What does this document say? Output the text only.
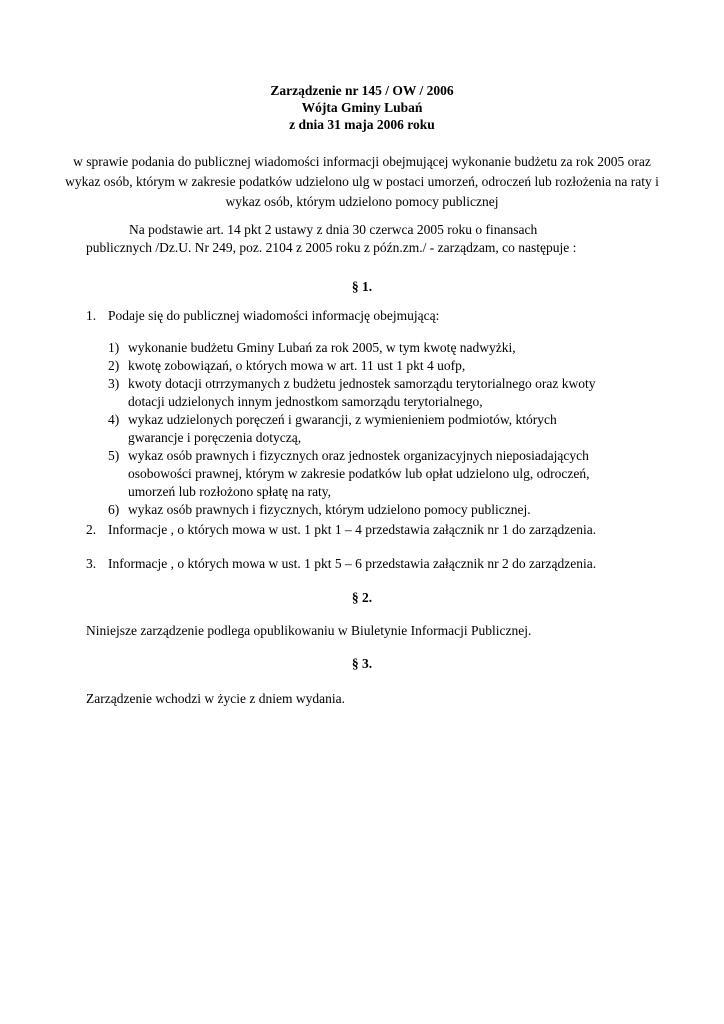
Zarządzenie nr 145 / OW / 2006
Wójta Gminy Lubań
z dnia 31 maja 2006 roku
w sprawie podania do publicznej wiadomości informacji obejmującej wykonanie budżetu za rok 2005 oraz wykaz osób, którym w zakresie podatków udzielono ulg w postaci umorzeń, odroczeń lub rozłożenia na raty i wykaz osób, którym udzielono pomocy publicznej
Na podstawie art. 14 pkt 2 ustawy z dnia 30 czerwca 2005 roku o finansach
publicznych /Dz.U. Nr 249, poz. 2104 z 2005 roku z późn.zm./ - zarządzam, co następuje :
§ 1.
1. Podaje się do publicznej wiadomości informację obejmującą:
1) wykonanie budżetu Gminy Lubań za rok 2005, w tym kwotę nadwyżki,
2) kwotę zobowiązań, o których mowa w art. 11 ust 1 pkt 4 uofp,
3) kwoty dotacji otrrzymanych z budżetu jednostek samorządu terytorialnego oraz kwoty
dotacji udzielonych innym jednostkom samorządu terytorialnego,
4) wykaz udzielonych poręczeń i gwarancji, z wymienieniem podmiotów, których
gwarancje i poręczenia dotyczą,
5) wykaz osób prawnych i fizycznych oraz jednostek organizacyjnych nieposiadających
osobowości prawnej, którym w zakresie podatków lub opłat udzielono ulg, odroczeń,
umorzeń lub rozłożono spłatę na raty,
6) wykaz osób prawnych i fizycznych, którym udzielono pomocy publicznej.
2. Informacje , o których mowa w ust. 1 pkt 1 – 4 przedstawia załącznik nr 1 do zarządzenia.
3. Informacje , o których mowa w ust. 1 pkt 5 – 6 przedstawia załącznik nr 2 do zarządzenia.
§ 2.
Niniejsze zarządzenie podlega opublikowaniu w Biuletynie Informacji Publicznej.
§ 3.
Zarządzenie wchodzi w życie z dniem wydania.
